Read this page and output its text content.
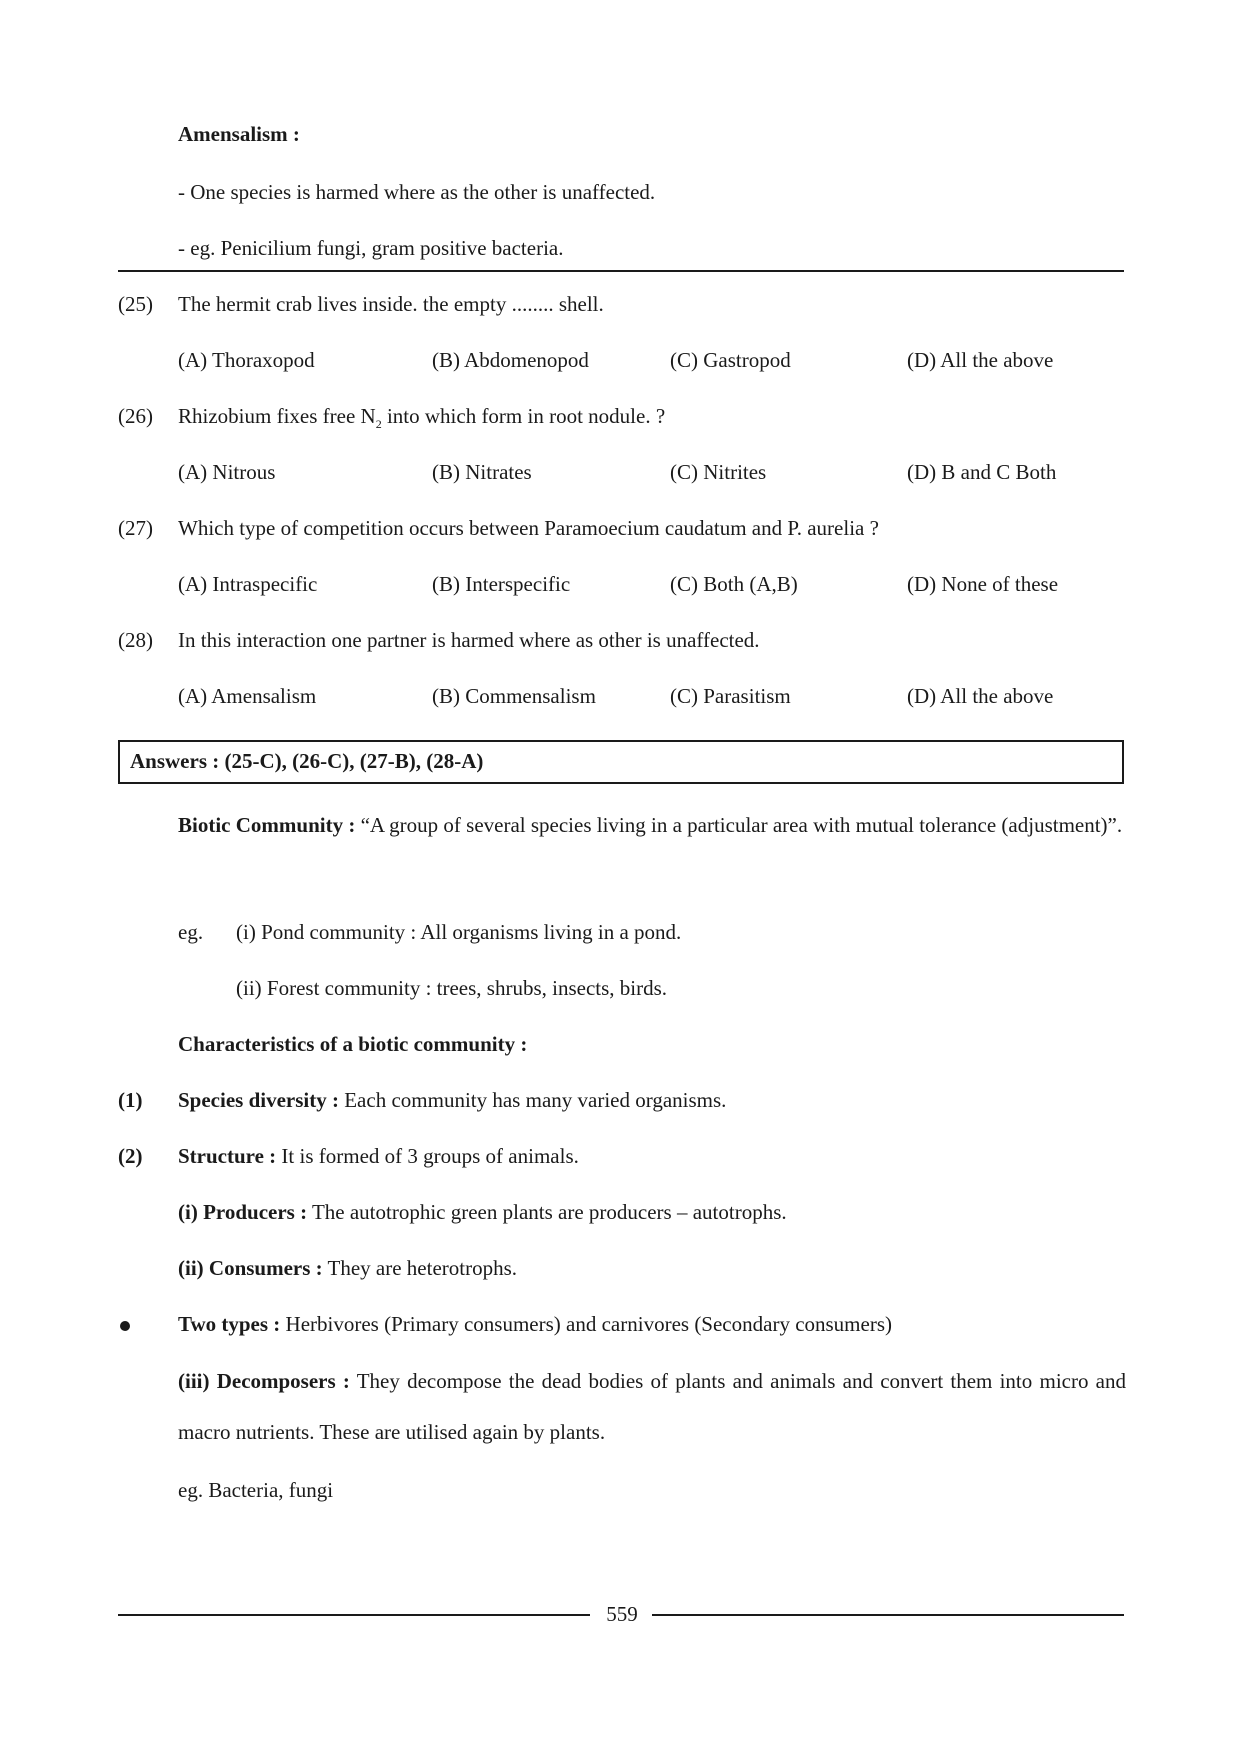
Amensalism :
- One species is harmed where as the other is unaffected.
- eg. Penicilium fungi, gram positive bacteria.
(25) The hermit crab lives inside. the empty ........ shell.
(A) Thoraxopod	(B) Abdomenopod	(C) Gastropod	(D) All the above
(26) Rhizobium fixes free $N_2$ into which form in root nodule. ?
(A) Nitrous	(B) Nitrates	(C) Nitrites	(D) B and C Both
(27) Which type of competition occurs between Paramoecium caudatum and P. aurelia ?
(A) Intraspecific	(B) Interspecific	(C) Both (A,B)	(D) None of these
(28) In this interaction one partner is harmed where as other is unaffected.
(A) Amensalism	(B) Commensalism	(C) Parasitism	(D) All the above
Answers : (25-C), (26-C), (27-B), (28-A)
Biotic Community : “A group of several species living in a particular area with mutual tolerance (adjustment)”.
eg. (i) Pond community : All organisms living in a pond.
(ii) Forest community : trees, shrubs, insects, birds.
Characteristics of a biotic community :
(1) Species diversity : Each community has many varied organisms.
(2) Structure : It is formed of 3 groups of animals.
(i) Producers : The autotrophic green plants are producers – autotrophs.
(ii) Consumers : They are heterotrophs.
Two types : Herbivores (Primary consumers) and carnivores (Secondary consumers)
(iii) Decomposers : They decompose the dead bodies of plants and animals and convert them into micro and macro nutrients. These are utilised again by plants.
eg. Bacteria, fungi
559
